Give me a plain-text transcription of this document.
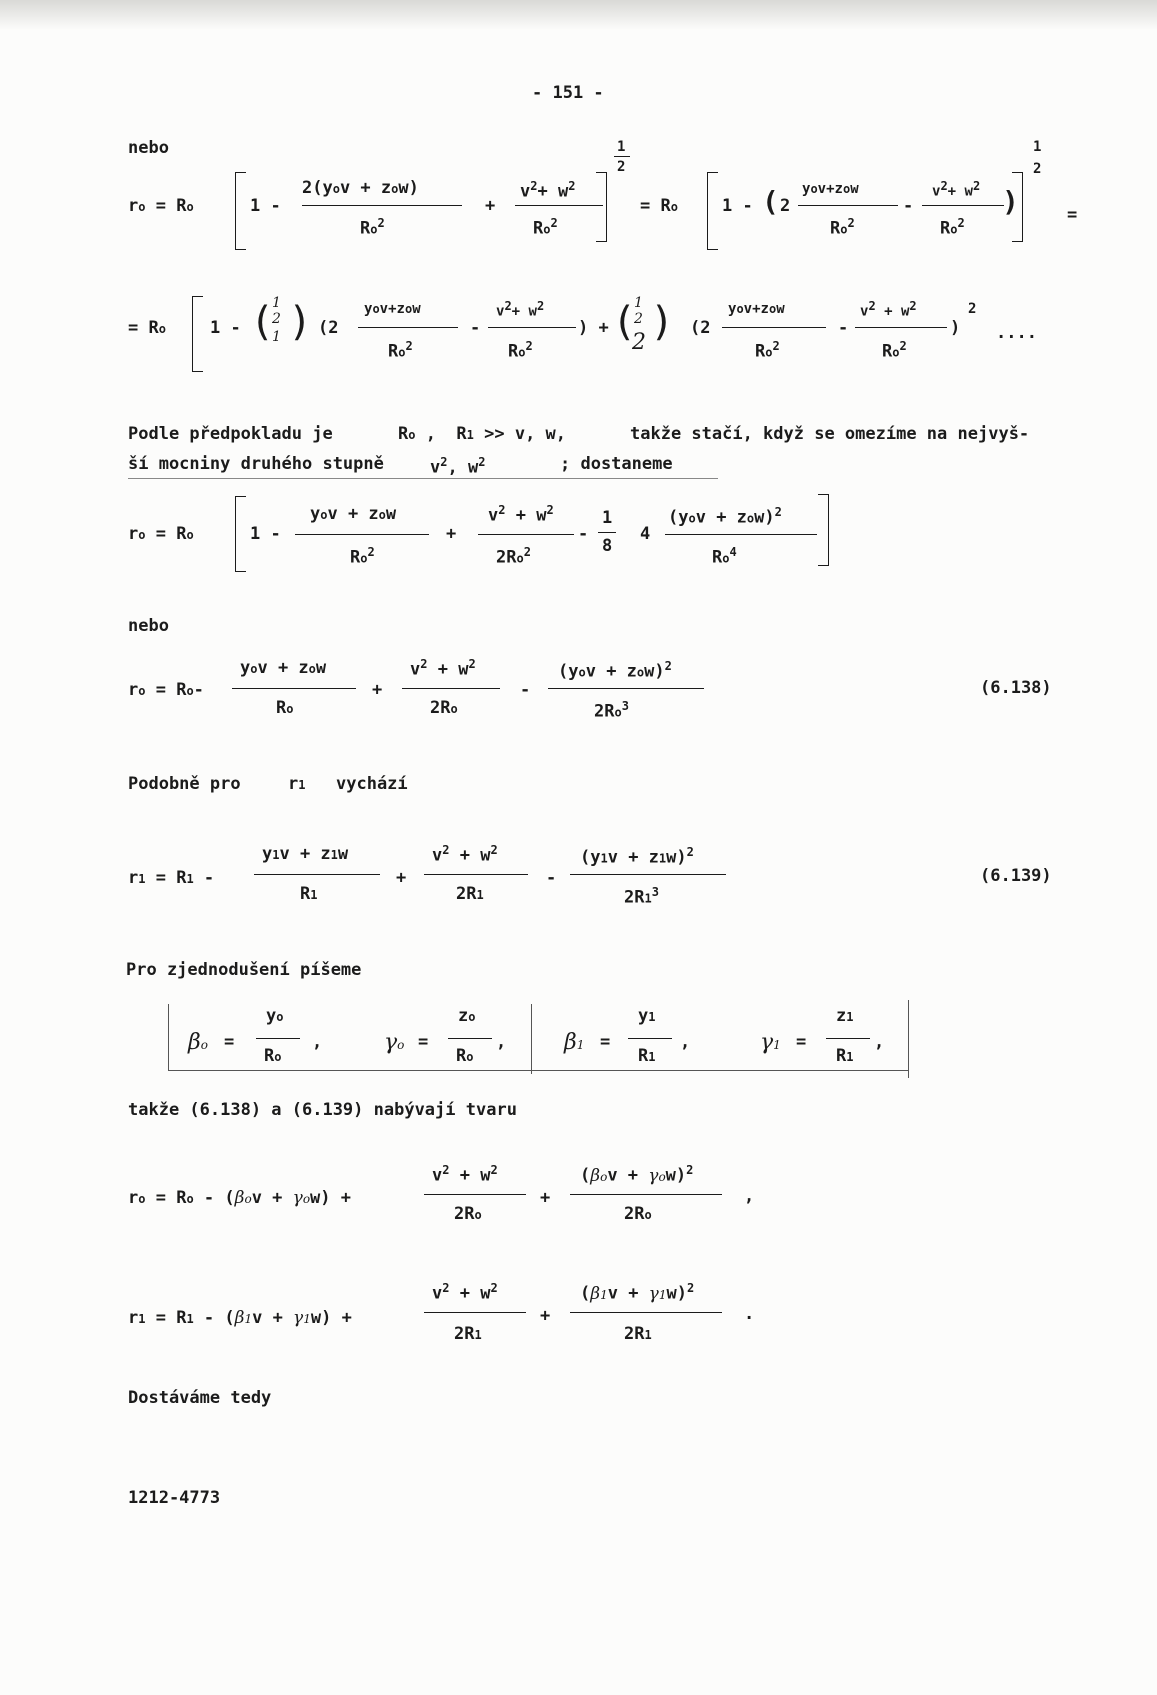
- 151 -
nebo
ro = Ro	1 -
2(yov + zow)
$Ro^2$
+
$v^2+ w^2$
Ro$^2$
1
2
= Ro	1 - ( 2
yov+zow
Ro$^2$
-
$v^2+ w^2$
Ro$^2$
)
1
2
=
= Ro	1 - (
1
2
1 ) (2
yov+zow
Ro$^2$
-
$v^2+ w^2$
Ro$^2$
) + (
1
2
2 ) (2
yov+zow
Ro$^2$
-
$v^2 + w^2$
Ro$^2$
)
2
....
Podle předpokladu je	Ro ,  R1 >> v, w,	takže stačí, když se omezíme na nejvyš-
ší mocniny druhého stupně	$v^2$, $w^2$	; dostaneme
ro = Ro	1 -
yov + zow
$Ro^2$
+
$v^2 + w^2$
2Ro$^2$
-
1
8
4
(yov + zow)$^2$
Ro$^4$
nebo
ro = Ro-
yov + zow
Ro
+
$v^2 + w^2$
2Ro
-
(yov + zow)$^2$
2Ro$^3$
(6.138)
Podobně pro	r1 vychází
r1 = R1 -
y1v + z1w
R1
+
$v^2 + w^2$
2R1
-
$(y1v + z1w)^2$
$2R1^3$
(6.139)
Pro zjednodušení píšeme
βo =
yo
Ro
,	γo =
zo
Ro
,	β1 =
y1
R1
,	γ1 =
z1
R1
,
takže (6.138) a (6.139) nabývají tvaru
ro = Ro - (βov + γow) +
$v^2 + w^2$
2Ro
+
$(\beta ov + \gamma ow)^2$
2Ro
,
r1 = R1 - (β1v + γ1w) +
$v^2 + w^2$
2R1
+
$(\beta 1v + \gamma 1w)^2$
2R1
.
Dostáváme tedy
1212-4773
